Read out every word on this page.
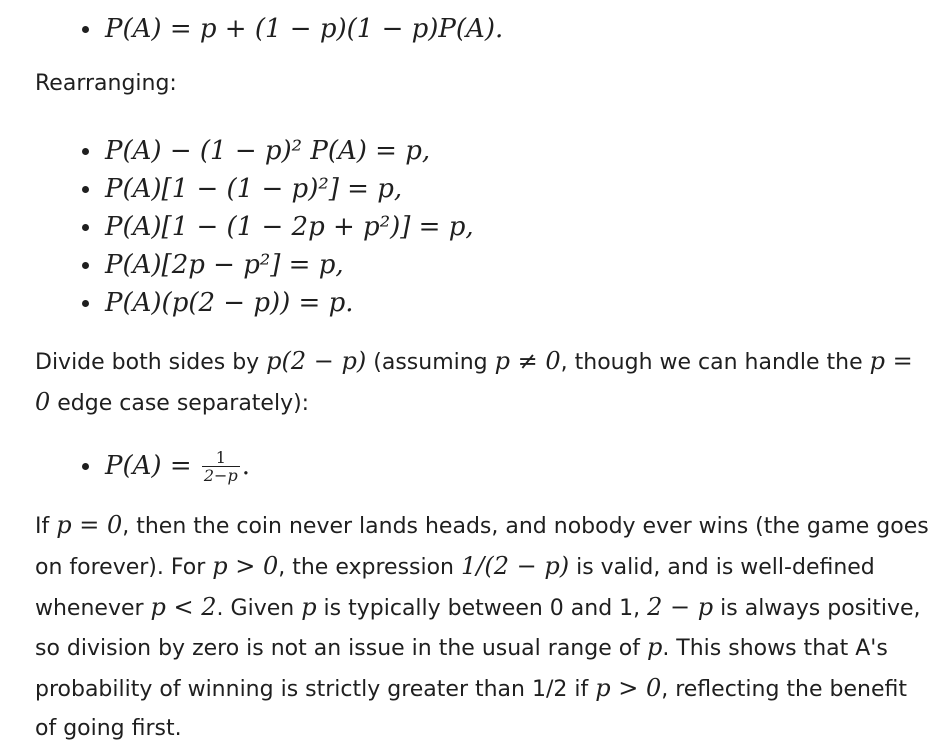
P(A) = p + (1 − p)(1 − p)P(A).

Rearranging:

P(A) − (1 − p)² P(A) = p,
P(A)[1 − (1 − p)²] = p,
P(A)[1 − (1 − 2p + p²)] = p,
P(A)[2p − p²] = p,
P(A)(p(2 − p)) = p.

Divide both sides by p(2 − p) (assuming p ≠ 0, though we can handle the p = 0 edge case separately):

$P(A) = \frac{1}{2-p}$ .

If p = 0, then the coin never lands heads, and nobody ever wins (the game goes on forever). For p > 0, the expression 1/(2 − p) is valid, and is well-defined whenever p < 2. Given p is typically between 0 and 1, 2 − p is always positive, so division by zero is not an issue in the usual range of p. This shows that A's probability of winning is strictly greater than 1/2 if p > 0, reflecting the benefit of going first.
